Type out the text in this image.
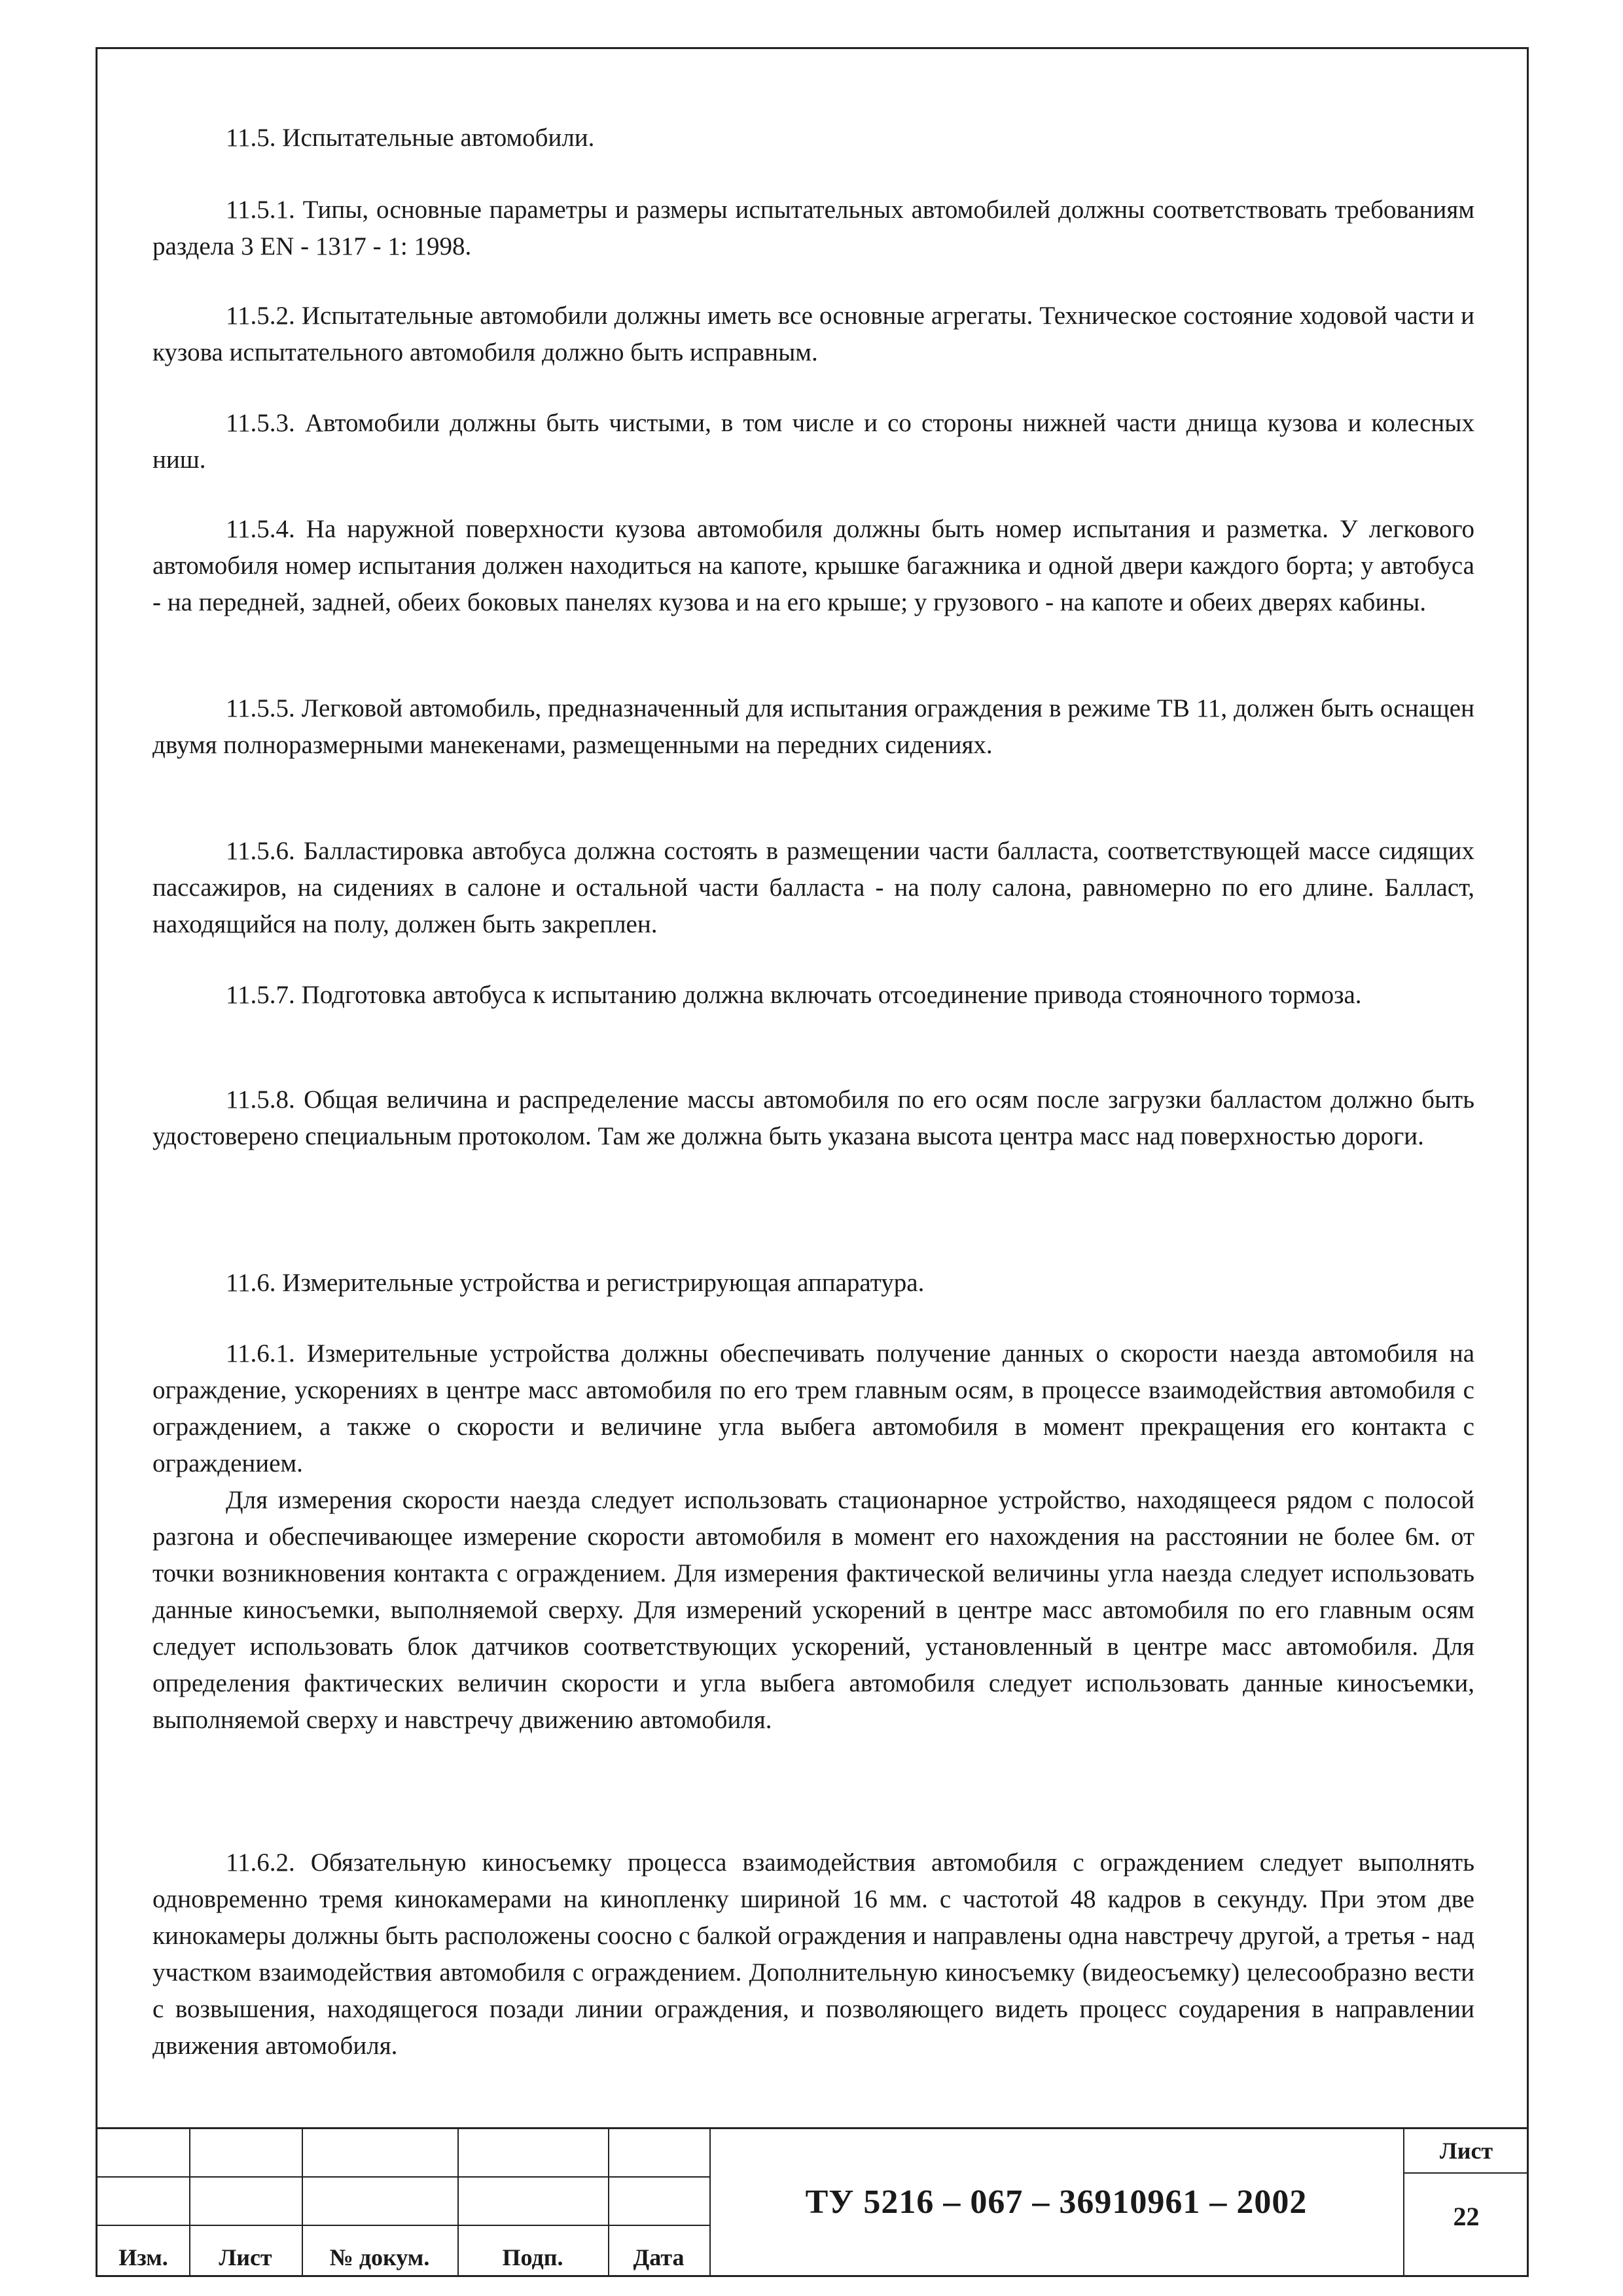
11.5. Испытательные автомобили.

11.5.1. Типы, основные параметры и размеры испытательных автомобилей должны соответствовать требованиям раздела 3 EN - 1317 - 1: 1998.

11.5.2. Испытательные автомобили должны иметь все основные агрегаты. Техническое состояние ходовой части и кузова испытательного автомобиля должно быть исправным.

11.5.3. Автомобили должны быть чистыми, в том числе и со стороны нижней части днища кузова и колесных ниш.

11.5.4. На наружной поверхности кузова автомобиля должны быть номер испытания и разметка. У легкового автомобиля номер испытания должен находиться на капоте, крышке багажника и одной двери каждого борта; у автобуса - на передней, задней, обеих боковых панелях кузова и на его крыше; у грузового - на капоте и обеих дверях кабины.

11.5.5. Легковой автомобиль, предназначенный для испытания ограждения в режиме ТВ 11, должен быть оснащен двумя полноразмерными манекенами, размещенными на передних сидениях.

11.5.6. Балластировка автобуса должна состоять в размещении части балласта, соответствующей массе сидящих пассажиров, на сидениях в салоне и остальной части балласта - на полу салона, равномерно по его длине. Балласт, находящийся на полу, должен быть закреплен.

11.5.7. Подготовка автобуса к испытанию должна включать отсоединение привода стояночного тормоза.

11.5.8. Общая величина и распределение массы автомобиля по его осям после загрузки балластом должно быть удостоверено специальным протоколом. Там же должна быть указана высота центра масс над поверхностью дороги.

11.6. Измерительные устройства и регистрирующая аппаратура.

11.6.1. Измерительные устройства должны обеспечивать получение данных о скорости наезда автомобиля на ограждение, ускорениях в центре масс автомобиля по его трем главным осям, в процессе взаимодействия автомобиля с ограждением, а также о скорости и величине угла выбега автомобиля в момент прекращения его контакта с ограждением.

Для измерения скорости наезда следует использовать стационарное устройство, находящееся рядом с полосой разгона и обеспечивающее измерение скорости автомобиля в момент его нахождения на расстоянии не более 6м. от точки возникновения контакта с ограждением. Для измерения фактической величины угла наезда следует использовать данные киносъемки, выполняемой сверху. Для измерений ускорений в центре масс автомобиля по его главным осям следует использовать блок датчиков соответствующих ускорений, установленный в центре масс автомобиля. Для определения фактических величин скорости и угла выбега автомобиля следует использовать данные киносъемки, выполняемой сверху и навстречу движению автомобиля.

11.6.2. Обязательную киносъемку процесса взаимодействия автомобиля с ограждением следует выполнять одновременно тремя кинокамерами на кинопленку шириной 16 мм. с частотой 48 кадров в секунду. При этом две кинокамеры должны быть расположены соосно с балкой ограждения и направлены одна навстречу другой, а третья - над участком взаимодействия автомобиля с ограждением. Дополнительную киносъемку (видеосъемку) целесообразно вести с возвышения, находящегося позади линии ограждения, и позволяющего видеть процесс соударения в направлении движения автомобиля.

Изм.	Лист	№ докум.	Подп.	Дата
ТУ 5216 – 067 – 36910961 – 2002
Лист
22
